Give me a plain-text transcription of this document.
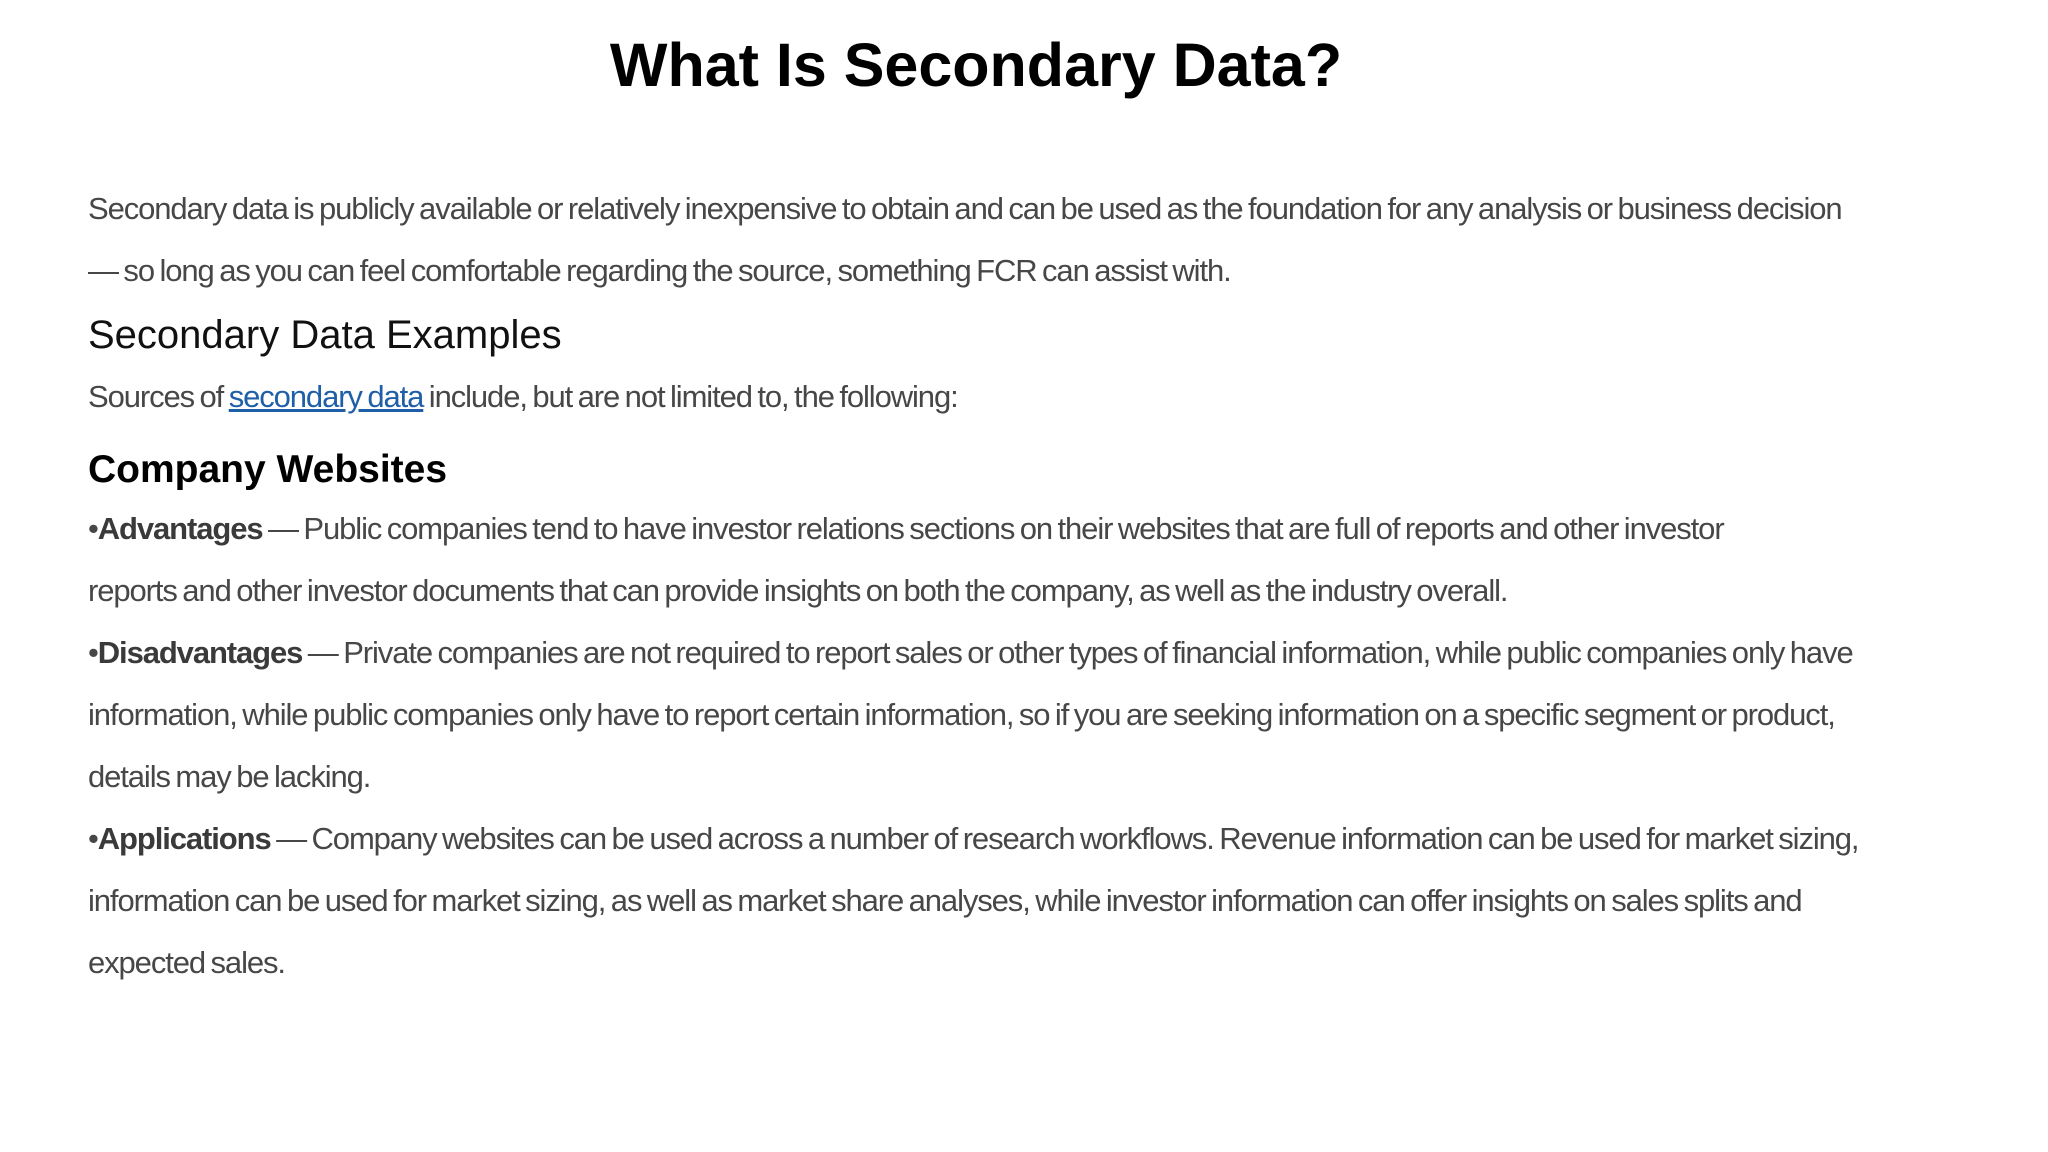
What Is Secondary Data?
Secondary data is publicly available or relatively inexpensive to obtain and can be used as the foundation for any analysis or business decision
— so long as you can feel comfortable regarding the source, something FCR can assist with.
Secondary Data Examples

Sources of secondary data include, but are not limited to, the following:

Company Websites
•Advantages — Public companies tend to have investor relations sections on their websites that are full of reports and other investor
reports and other investor documents that can provide insights on both the company, as well as the industry overall.
•Disadvantages — Private companies are not required to report sales or other types of financial information, while public companies only have
information, while public companies only have to report certain information, so if you are seeking information on a specific segment or product,
details may be lacking.
•Applications — Company websites can be used across a number of research workflows. Revenue information can be used for market sizing,
information can be used for market sizing, as well as market share analyses, while investor information can offer insights on sales splits and
expected sales.
